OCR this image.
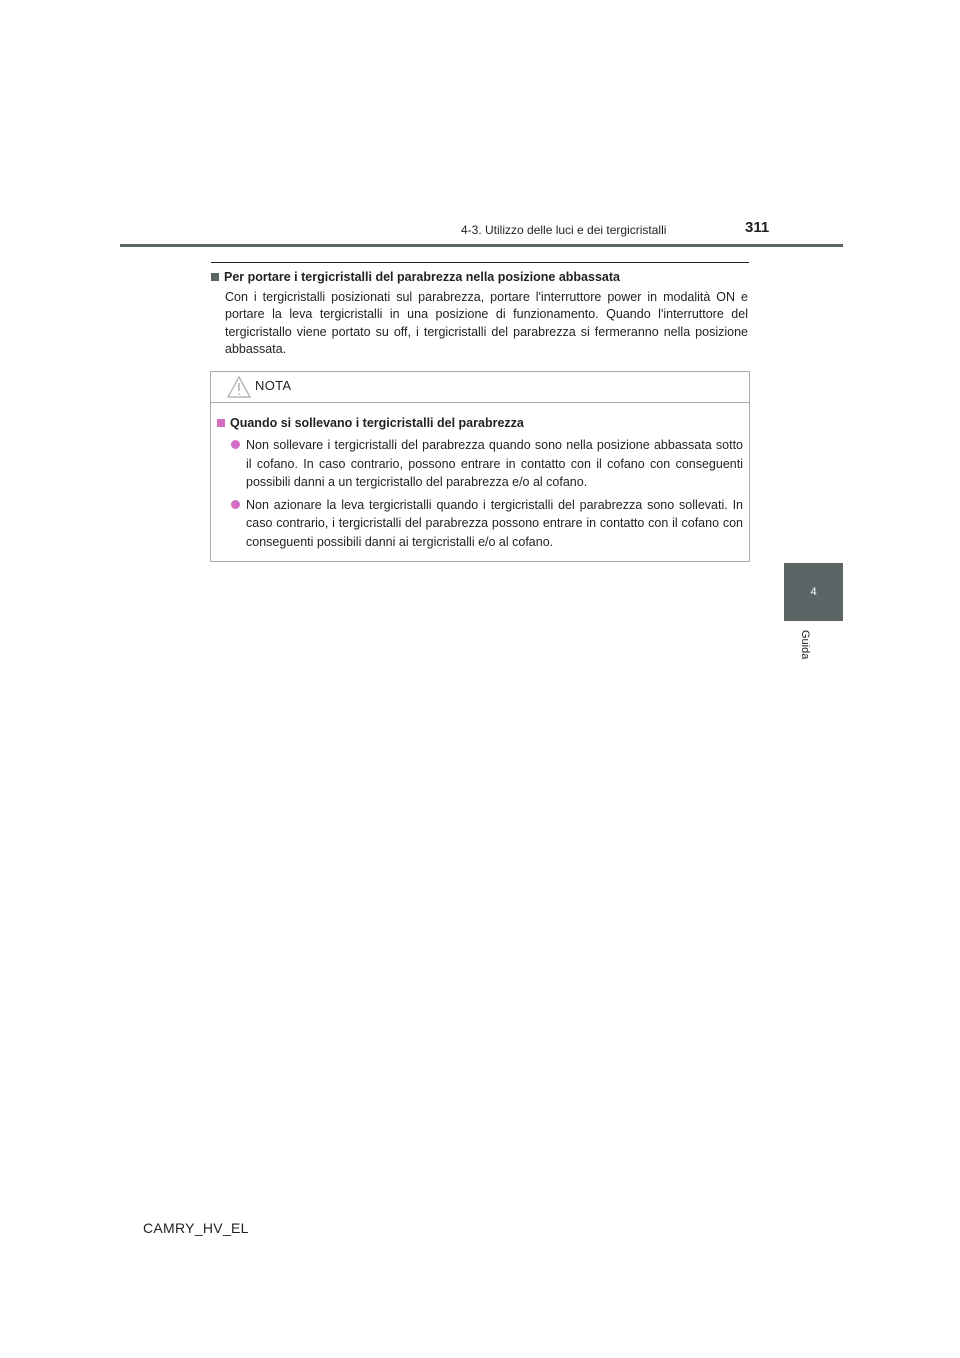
4-3. Utilizzo delle luci e dei tergicristalli	311
4
Guida
Per portare i tergicristalli del parabrezza nella posizione abbassata
Con i tergicristalli posizionati sul parabrezza, portare l'interruttore power in modalità ON e portare la leva tergicristalli in una posizione di funzionamento. Quando l'interruttore del tergicristallo viene portato su off, i tergicristalli del parabrezza si fermeranno nella posizione abbassata.
NOTA
Quando si sollevano i tergicristalli del parabrezza
Non sollevare i tergicristalli del parabrezza quando sono nella posizione abbassata sotto il cofano. In caso contrario, possono entrare in contatto con il cofano con conseguenti possibili danni a un tergicristallo del parabrezza e/o al cofano.
Non azionare la leva tergicristalli quando i tergicristalli del parabrezza sono sollevati. In caso contrario, i tergicristalli del parabrezza possono entrare in contatto con il cofano con conseguenti possibili danni ai tergicristalli e/o al cofano.
CAMRY_HV_EL
